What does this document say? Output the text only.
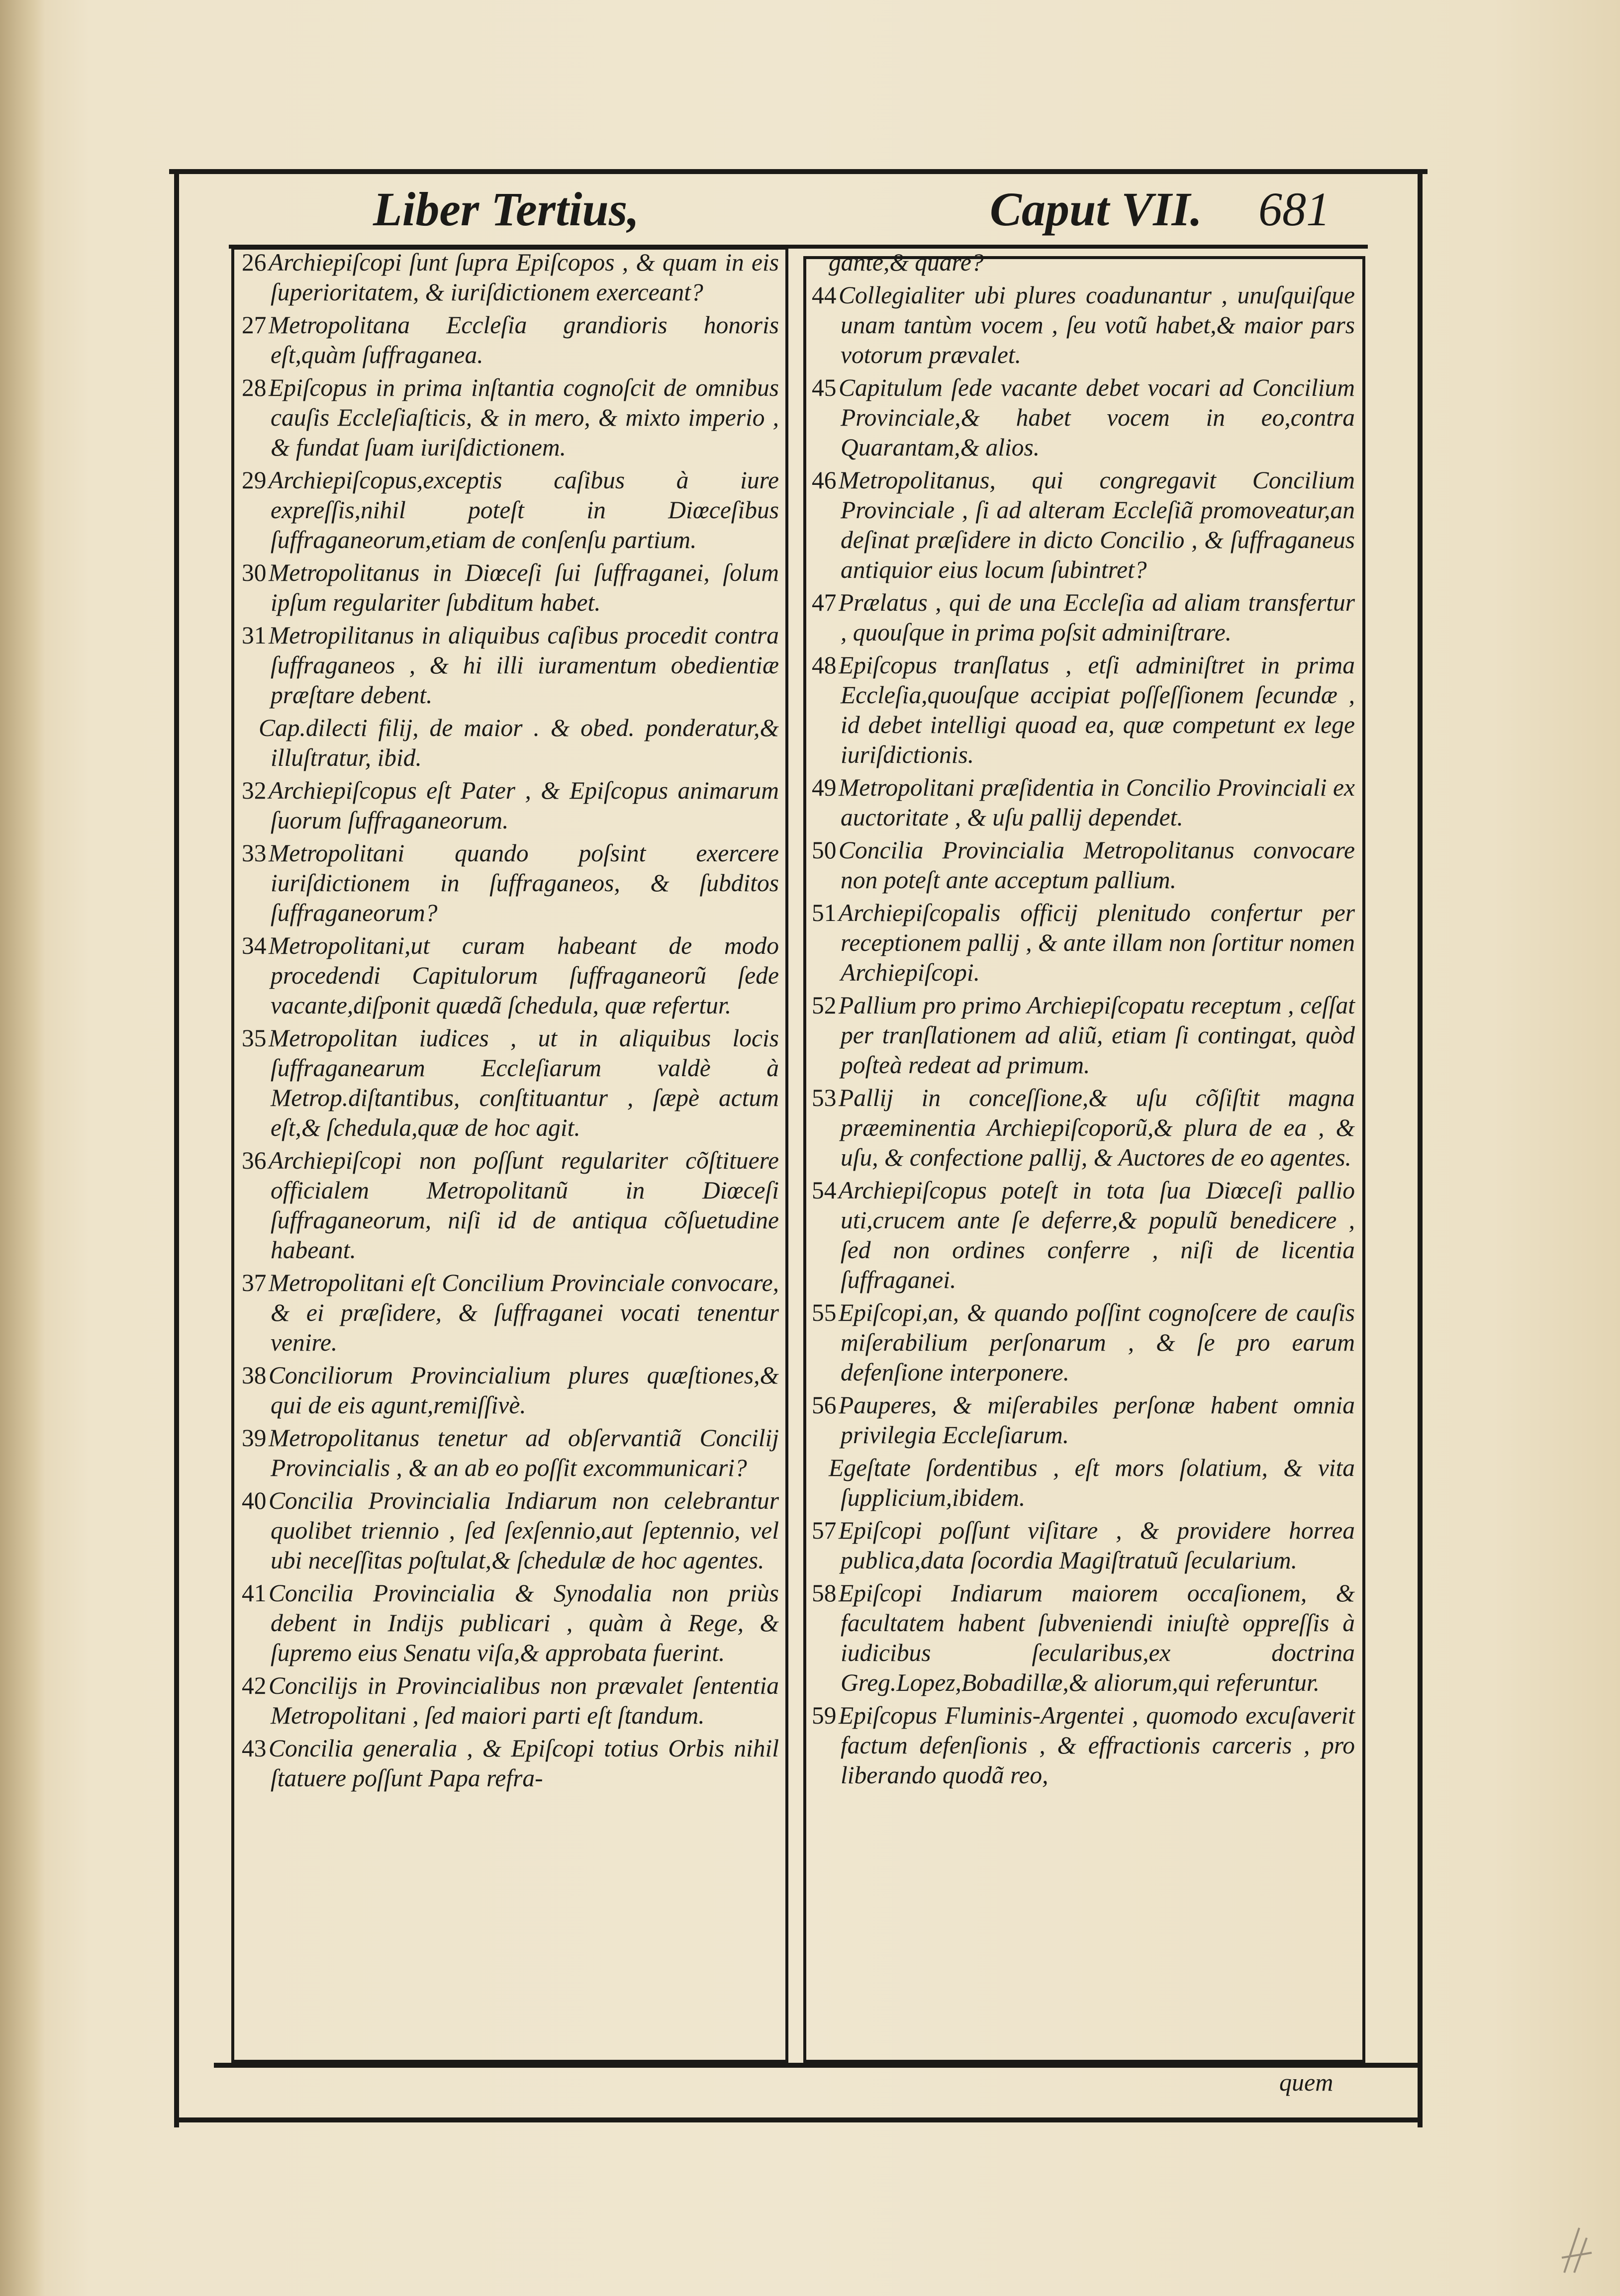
Liber Tertius,	Caput VII. 681
26Archiepiſcopi ſunt ſupra Epiſcopos , & quam in eis ſuperioritatem, & iuriſdictionem exerceant?
27Metropolitana Eccleſia grandioris honoris eſt,quàm ſuffraganea.
28Epiſcopus in prima inſtantia cognoſcit de omnibus cauſis Eccleſiaſticis, & in mero, & mixto imperio , & fundat ſuam iuriſdictionem.
29Archiepiſcopus,exceptis caſibus à iure expreſſis,nihil poteſt in Diœceſibus ſuffraganeorum,etiam de conſenſu partium.
30Metropolitanus in Diœceſi ſui ſuffraganei, ſolum ipſum regulariter ſubditum habet.
31Metropilitanus in aliquibus caſibus procedit contra ſuffraganeos , & hi illi iuramentum obedientiæ præſtare debent.
Cap.dilecti filij, de maior . & obed. ponderatur,& illuſtratur, ibid.
32Archiepiſcopus eſt Pater , & Epiſcopus animarum ſuorum ſuffraganeorum.
33Metropolitani quando poſsint exercere iuriſdictionem in ſuffraganeos, & ſubditos ſuffraganeorum?
34Metropolitani,ut curam habeant de modo procedendi Capitulorum ſuffraganeorũ ſede vacante,diſponit quædã ſchedula, quæ refertur.
35Metropolitan iudices , ut in aliquibus locis ſuffraganearum Eccleſiarum valdè à Metrop.diſtantibus, conſtituantur , ſæpè actum eſt,& ſchedula,quæ de hoc agit.
36Archiepiſcopi non poſſunt regulariter cõſtituere officialem Metropolitanũ in Diœceſi ſuffraganeorum, niſi id de antiqua cõſuetudine habeant.
37Metropolitani eſt Concilium Provinciale convocare, & ei præſidere, & ſuffraganei vocati tenentur venire.
38Conciliorum Provincialium plures quæſtiones,& qui de eis agunt,remiſſivè.
39Metropolitanus tenetur ad obſervantiã Concilij Provincialis , & an ab eo poſſit excommunicari?
40Concilia Provincialia Indiarum non celebrantur quolibet triennio , ſed ſexſennio,aut ſeptennio, vel ubi neceſſitas poſtulat,& ſchedulæ de hoc agentes.
41Concilia Provincialia & Synodalia non priùs debent in Indijs publicari , quàm à Rege, & ſupremo eius Senatu viſa,& approbata fuerint.
42Concilijs in Provincialibus non prævalet ſententia Metropolitani , ſed maiori parti eſt ſtandum.
43Concilia generalia , & Epiſcopi totius Orbis nihil ſtatuere poſſunt Papa refra-
gante,& quare?
44Collegialiter ubi plures coadunantur , unuſquiſque unam tantùm vocem , ſeu votũ habet,& maior pars votorum prævalet.
45Capitulum ſede vacante debet vocari ad Concilium Provinciale,& habet vocem in eo,contra Quarantam,& alios.
46Metropolitanus, qui congregavit Concilium Provinciale , ſi ad alteram Eccleſiã promoveatur,an deſinat præſidere in dicto Concilio , & ſuffraganeus antiquior eius locum ſubintret?
47Prælatus , qui de una Eccleſia ad aliam transfertur , quouſque in prima poſsit adminiſtrare.
48Epiſcopus tranſlatus , etſi adminiſtret in prima Eccleſia,quouſque accipiat poſſeſſionem ſecundæ , id debet intelligi quoad ea, quæ competunt ex lege iuriſdictionis.
49Metropolitani præſidentia in Concilio Provinciali ex auctoritate , & uſu pallij dependet.
50Concilia Provincialia Metropolitanus convocare non poteſt ante acceptum pallium.
51Archiepiſcopalis officij plenitudo confertur per receptionem pallij , & ante illam non ſortitur nomen Archiepiſcopi.
52Pallium pro primo Archiepiſcopatu receptum , ceſſat per tranſlationem ad aliũ, etiam ſi contingat, quòd poſteà redeat ad primum.
53Pallij in conceſſione,& uſu cõſiſtit magna præeminentia Archiepiſcoporũ,& plura de ea , & uſu, & confectione pallij, & Auctores de eo agentes.
54Archiepiſcopus poteſt in tota ſua Diœceſi pallio uti,crucem ante ſe deferre,& populũ benedicere , ſed non ordines conferre , niſi de licentia ſuffraganei.
55Epiſcopi,an, & quando poſſint cognoſcere de cauſis miſerabilium perſonarum , & ſe pro earum defenſione interponere.
56Pauperes, & miſerabiles perſonæ habent omnia privilegia Eccleſiarum.
Egeſtate ſordentibus , eſt mors ſolatium, & vita ſupplicium,ibidem.
57Epiſcopi poſſunt viſitare , & providere horrea publica,data ſocordia Magiſtratuũ ſecularium.
58Epiſcopi Indiarum maiorem occaſionem, & facultatem habent ſubveniendi iniuſtè oppreſſis à iudicibus ſecularibus,ex doctrina Greg.Lopez,Bobadillæ,& aliorum,qui referuntur.
59Epiſcopus Fluminis-Argentei , quomodo excuſaverit factum defenſionis , & effractionis carceris , pro liberando quodã reo,
quem
